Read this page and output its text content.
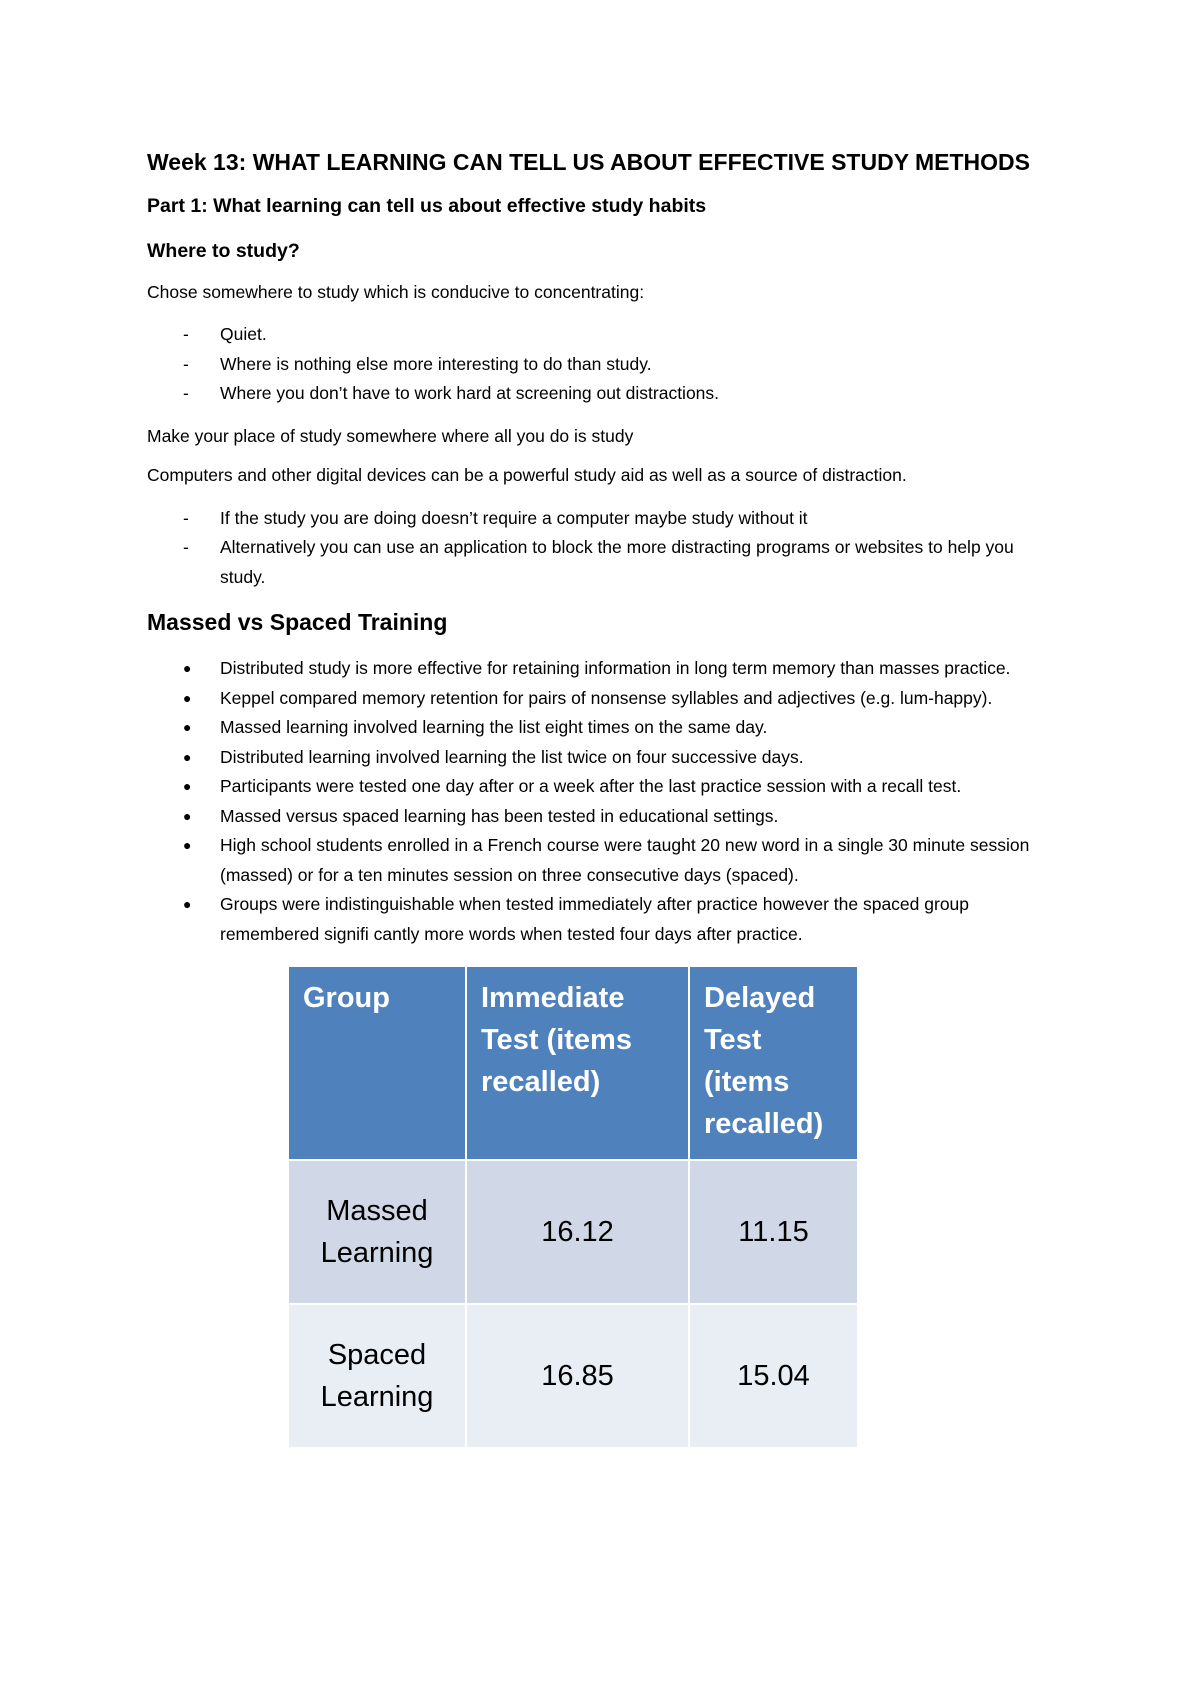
Week 13: WHAT LEARNING CAN TELL US ABOUT EFFECTIVE STUDY METHODS
Part 1: What learning can tell us about effective study habits
Where to study?

Chose somewhere to study which is conducive to concentrating:

- Quiet.
- Where is nothing else more interesting to do than study.
- Where you don’t have to work hard at screening out distractions.

Make your place of study somewhere where all you do is study

Computers and other digital devices can be a powerful study aid as well as a source of distraction.

- If the study you are doing doesn’t require a computer maybe study without it
- Alternatively you can use an application to block the more distracting programs or websites to help you study.
Massed vs Spaced Training
● Distributed study is more effective for retaining information in long term memory than masses practice.
● Keppel compared memory retention for pairs of nonsense syllables and adjectives (e.g. lum-happy).
● Massed learning involved learning the list eight times on the same day.
● Distributed learning involved learning the list twice on four successive days.
● Participants were tested one day after or a week after the last practice session with a recall test.
● Massed versus spaced learning has been tested in educational settings.
● High school students enrolled in a French course were taught 20 new word in a single 30 minute session (massed) or for a ten minutes session on three consecutive days (spaced).
● Groups were indistinguishable when tested immediately after practice however the spaced group remembered signifi cantly more words when tested four days after practice.
Group	Immediate Test (items recalled)	Delayed Test (items recalled)
Massed Learning	16.12	11.15
Spaced Learning	16.85	15.04
